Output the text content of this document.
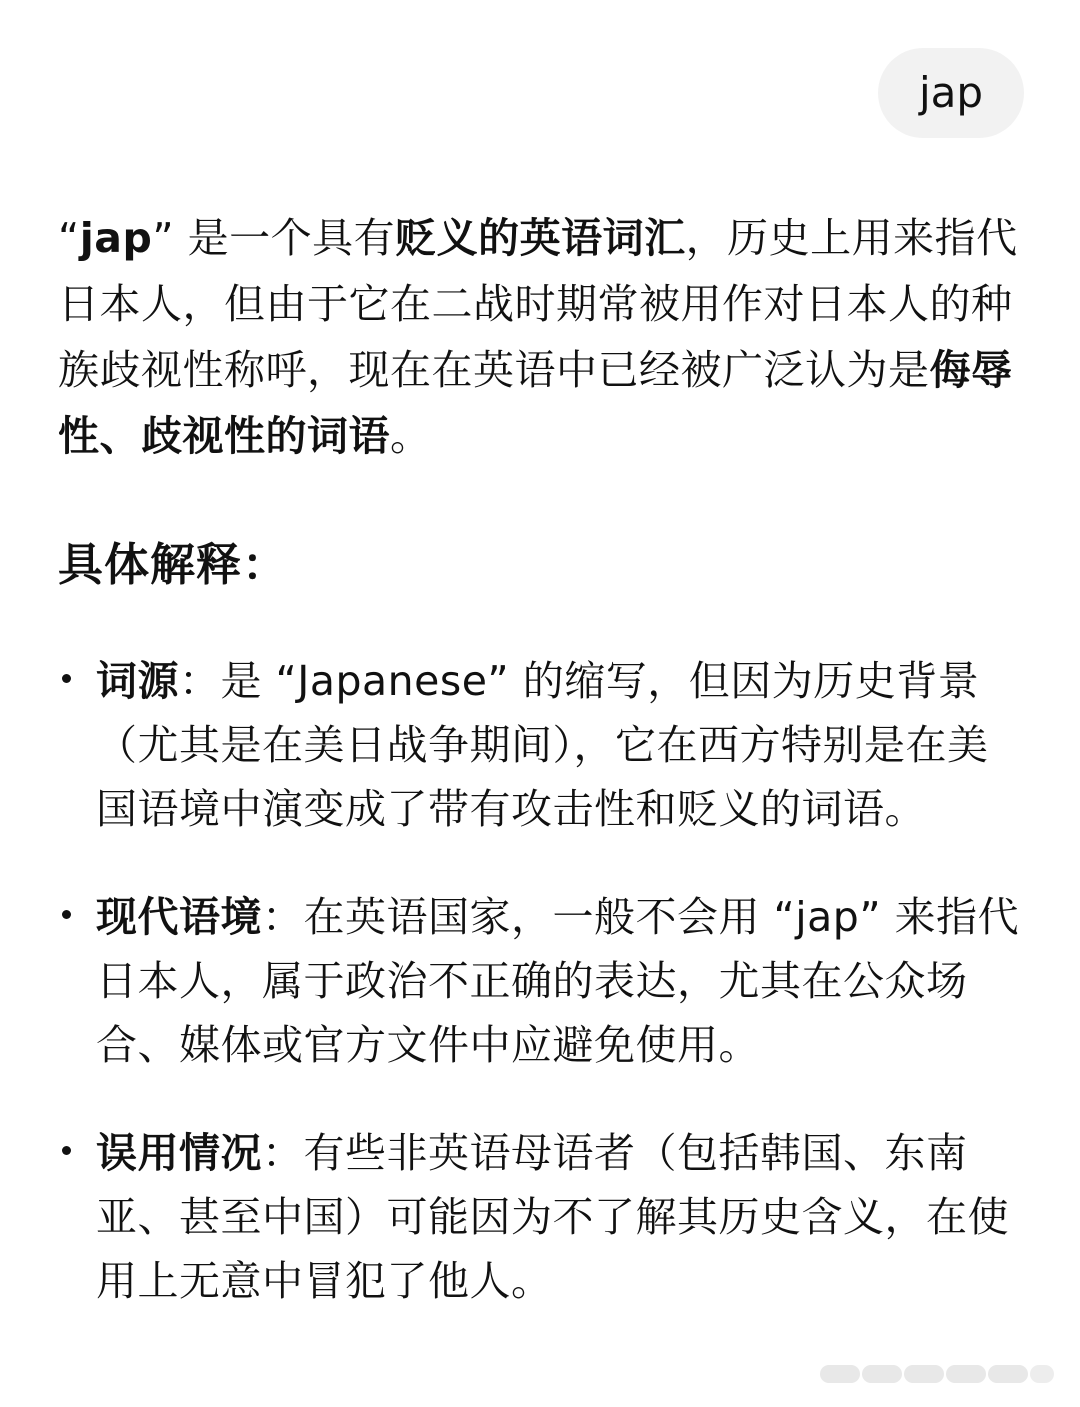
jap

“jap” 是一个具有贬义的英语词汇，历史上用来指代日本人，但由于它在二战时期常被用作对日本人的种族歧视性称呼，现在在英语中已经被广泛认为是侮辱性、歧视性的词语。

具体解释：
词源：是 “Japanese” 的缩写，但因为历史背景（尤其是在美日战争期间），它在西方特别是在美国语境中演变成了带有攻击性和贬义的词语。
现代语境：在英语国家，一般不会用 “jap” 来指代日本人，属于政治不正确的表达，尤其在公众场合、媒体或官方文件中应避免使用。
误用情况：有些非英语母语者（包括韩国、东南亚、甚至中国）可能因为不了解其历史含义，在使用上无意中冒犯了他人。
